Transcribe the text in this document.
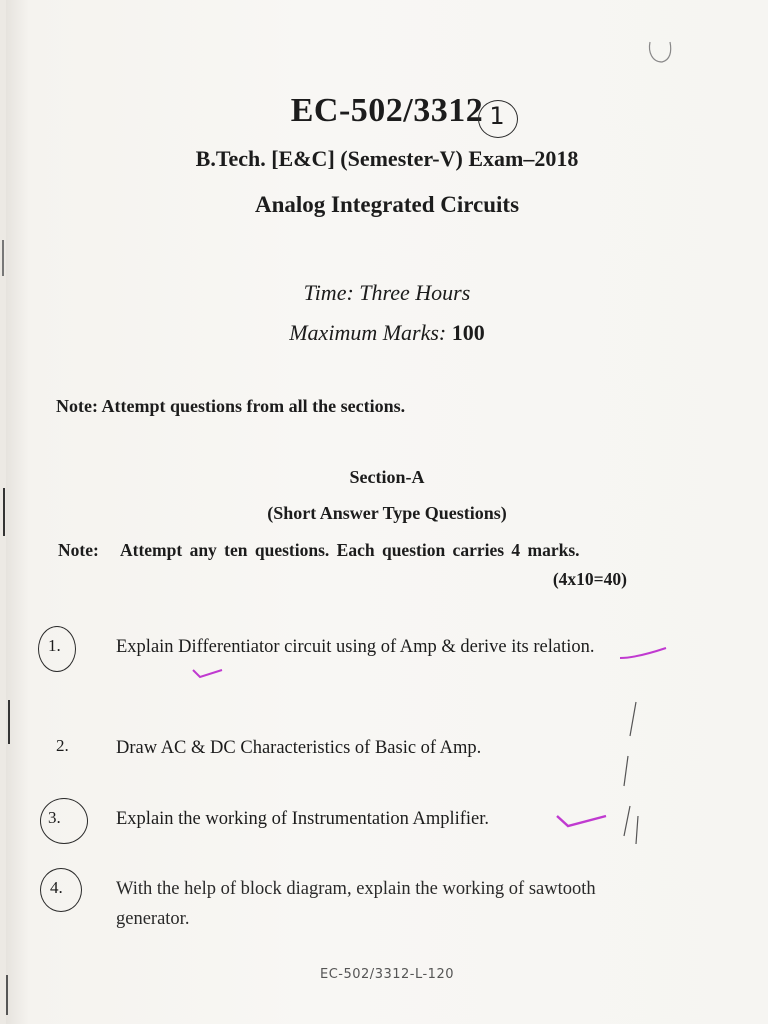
EC-502/3312 1
B.Tech. [E&C] (Semester-V) Exam–2018
Analog Integrated Circuits
Time: Three Hours
Maximum Marks: 100
Note: Attempt questions from all the sections.
Section-A
(Short Answer Type Questions)
Note: Attempt any ten questions. Each question carries 4 marks.
(4x10=40)
1.	Explain Differentiator circuit using of Amp & derive its relation.
2.	Draw AC & DC Characteristics of Basic of Amp.
3.	Explain the working of Instrumentation Amplifier.
4.	With the help of block diagram, explain the working of sawtooth generator.
EC-502/3312-L-120
